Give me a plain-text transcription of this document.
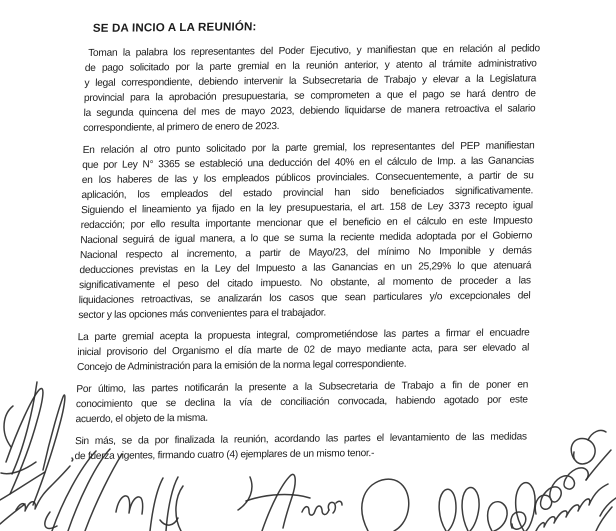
SE DA INCIO A LA REUNIÓN:
Toman la palabra los representantes del Poder Ejecutivo, y manifiestan que en relación al pedido
de pago solicitado por la parte gremial en la reunión anterior, y atento al trámite administrativo
y legal correspondiente, debiendo intervenir la Subsecretaria de Trabajo y elevar a la Legislatura
provincial para la aprobación presupuestaria, se comprometen a que el pago se hará dentro de
la segunda quincena del mes de mayo 2023, debiendo liquidarse de manera retroactiva el salario
correspondiente, al primero de enero de 2023.
En relación al otro punto solicitado por la parte gremial, los representantes del PEP manifiestan
que por Ley N° 3365 se estableció una deducción del 40% en el cálculo de Imp. a las Ganancias
en los haberes de las y los empleados públicos provinciales. Consecuentemente, a partir de su
aplicación, los empleados del estado provincial han sido beneficiados significativamente.
Siguiendo el lineamiento ya fijado en la ley presupuestaria, el art. 158 de Ley 3373 recepto igual
redacción; por ello resulta importante mencionar que el beneficio en el cálculo en este Impuesto
Nacional seguirá de igual manera, a lo que se suma la reciente medida adoptada por el Gobierno
Nacional respecto al incremento, a partir de Mayo/23, del mínimo No Imponible y demás
deducciones previstas en la Ley del Impuesto a las Ganancias en un 25,29% lo que atenuará
significativamente el peso del citado impuesto. No obstante, al momento de proceder a las
liquidaciones retroactivas, se analizarán los casos que sean particulares y/o excepcionales del
sector y las opciones más convenientes para el trabajador.
La parte gremial acepta la propuesta integral, comprometiéndose las partes a firmar el encuadre
inicial provisorio del Organismo el día marte de 02 de mayo mediante acta, para ser elevado al
Concejo de Administración para la emisión de la norma legal correspondiente.
Por último, las partes notificarán la presente a la Subsecretaria de Trabajo a fin de poner en
conocimiento que se declina la vía de conciliación convocada, habiendo agotado por este
acuerdo, el objeto de la misma.
Sin más, se da por finalizada la reunión, acordando las partes el levantamiento de las medidas
de fuerza vigentes, firmando cuatro (4) ejemplares de un mismo tenor.-
